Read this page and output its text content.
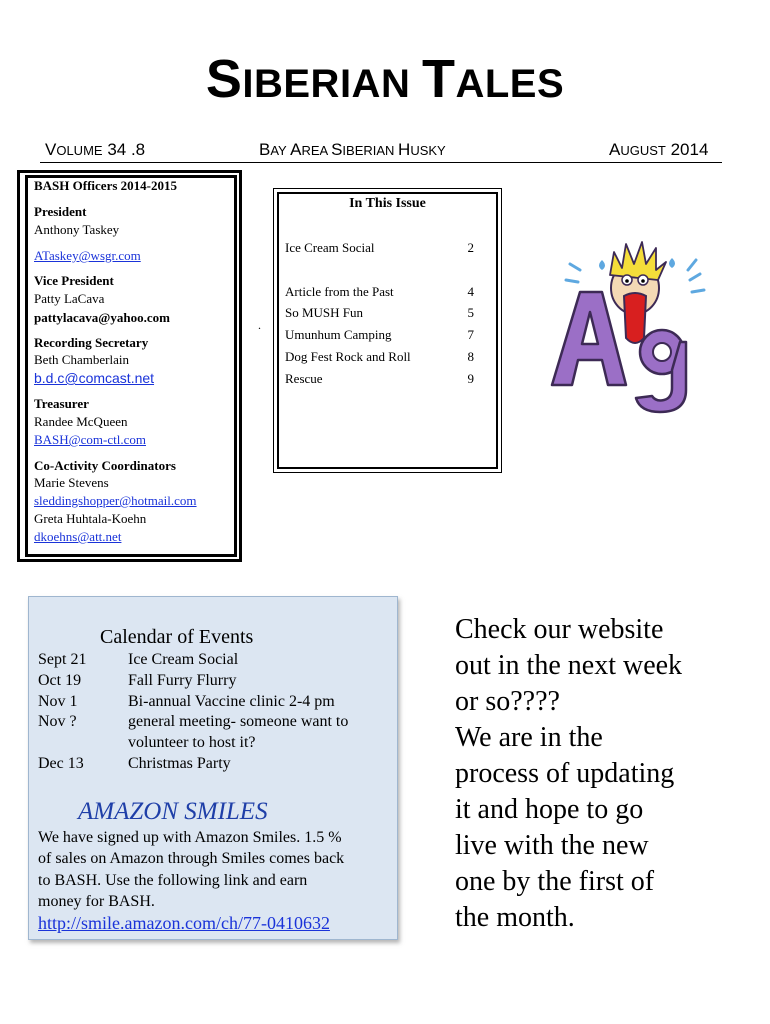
SIBERIAN TALES
VOLUME 34 .8	BAY AREA SIBERIAN HUSKY	AUGUST 2014
BASH Officers 2014-2015
President
Anthony Taskey
ATaskey@wsgr.com
Vice President
Patty LaCava
pattylacava@yahoo.com
Recording Secretary
Beth Chamberlain
b.d.c@comcast.net
Treasurer
Randee McQueen
BASH@com-ctl.com
Co-Activity Coordinators
Marie Stevens
sleddingshopper@hotmail.com
Greta Huhtala-Koehn
dkoehns@att.net
.
In This Issue
Ice Cream Social	2
Article from the Past	4
So MUSH Fun	5
Umunhum Camping	7
Dog Fest Rock and Roll	8
Rescue	9
Calendar of Events
Sept 21	Ice Cream Social
Oct 19	Fall Furry Flurry
Nov 1	Bi-annual Vaccine clinic 2-4 pm
Nov ?	general meeting- someone want to
volunteer to host it?
Dec 13	Christmas Party
AMAZON SMILES
We have signed up with Amazon Smiles. 1.5 %
of sales on Amazon through Smiles comes back
to BASH. Use the following link and earn
money for BASH.
http://smile.amazon.com/ch/77-0410632
Check our website
out in the next week
or so????
We are in the
process of updating
it and hope to go
live with the new
one by the first of
the month.
